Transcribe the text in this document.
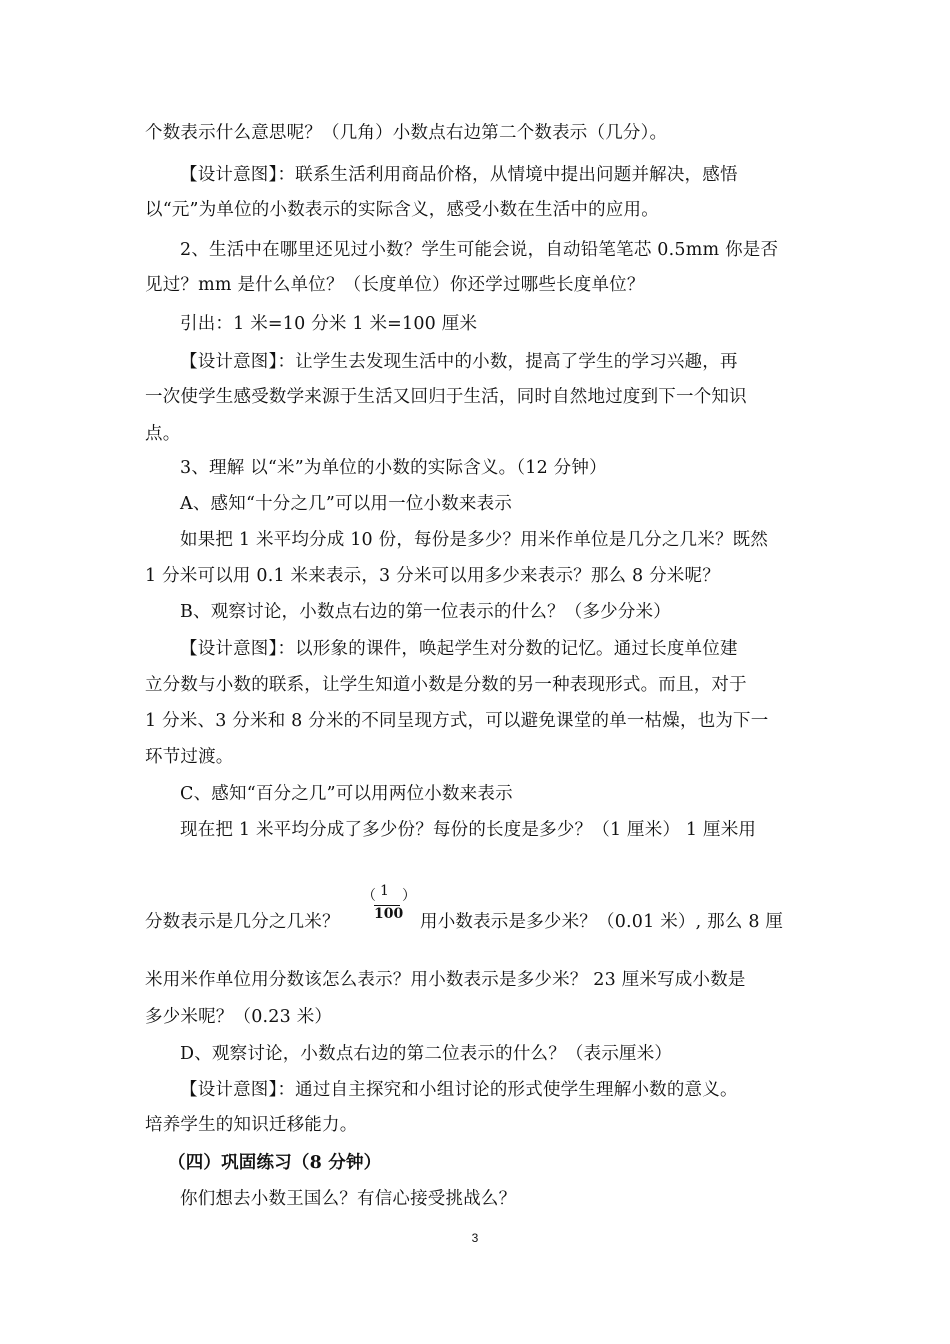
个数表示什么意思呢？（几角）小数点右边第二个数表示（几分）。
【设计意图】：联系生活利用商品价格，从情境中提出问题并解决，感悟
以“元”为单位的小数表示的实际含义，感受小数在生活中的应用。
2、生活中在哪里还见过小数？学生可能会说，自动铅笔笔芯 0.5mm 你是否
见过？mm 是什么单位？（长度单位）你还学过哪些长度单位？
引出：1 米=10 分米 1 米=100 厘米
【设计意图】：让学生去发现生活中的小数，提高了学生的学习兴趣，再
一次使学生感受数学来源于生活又回归于生活，同时自然地过度到下一个知识
点。
3、理解 以“米”为单位的小数的实际含义。（12 分钟）
A、感知“十分之几”可以用一位小数来表示
如果把 1 米平均分成 10 份，每份是多少？用米作单位是几分之几米？既然
1 分米可以用 0.1 米来表示，3 分米可以用多少来表示？那么 8 分米呢？
B、观察讨论，小数点右边的第一位表示的什么？（多少分米）
【设计意图】：以形象的课件，唤起学生对分数的记忆。通过长度单位建
立分数与小数的联系，让学生知道小数是分数的另一种表现形式。而且，对于
1 分米、3 分米和 8 分米的不同呈现方式，可以避免课堂的单一枯燥，也为下一
环节过渡。
C、感知“百分之几”可以用两位小数来表示
现在把 1 米平均分成了多少份？每份的长度是多少？（1 厘米） 1 厘米用
分数表示是几分之几米？
（ 1
100
）
用小数表示是多少米？（0.01 米）, 那么 8 厘
米用米作单位用分数该怎么表示？用小数表示是多少米？ 23 厘米写成小数是
多少米呢？（0.23 米）
D、观察讨论，小数点右边的第二位表示的什么？（表示厘米）
【设计意图】：通过自主探究和小组讨论的形式使学生理解小数的意义。
培养学生的知识迁移能力。
（四）巩固练习（8 分钟）
你们想去小数王国么？有信心接受挑战么？
3
